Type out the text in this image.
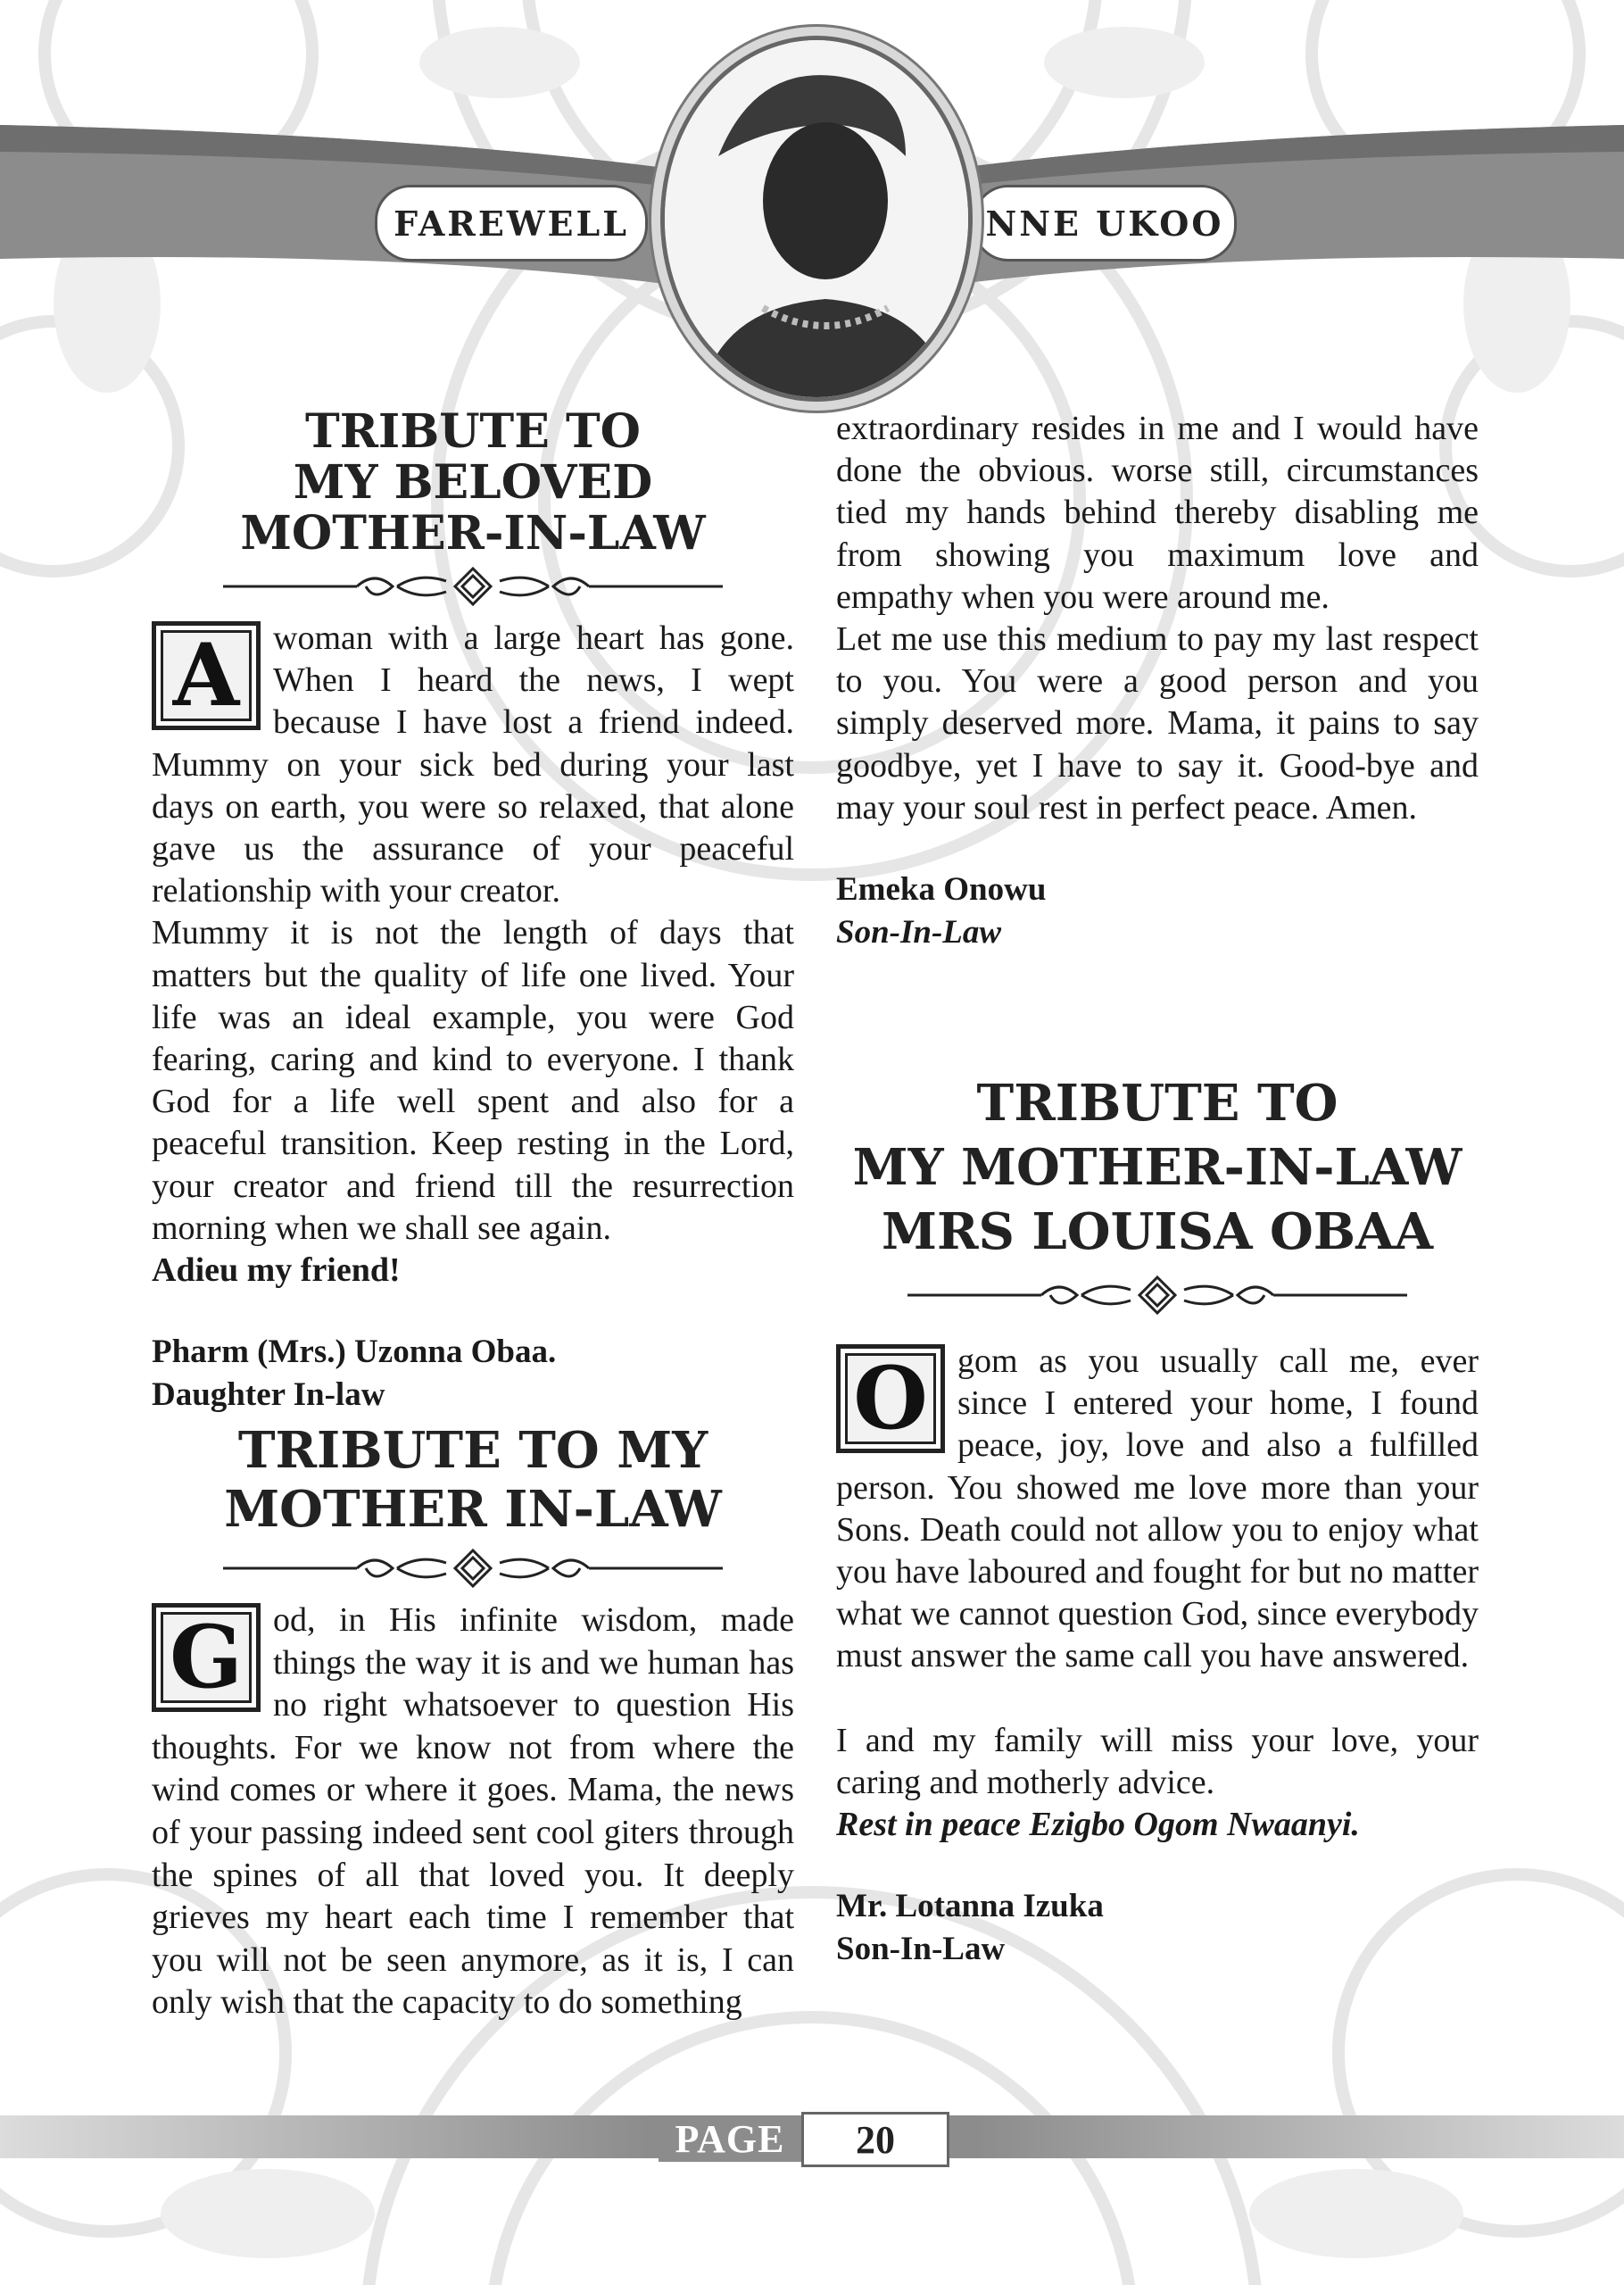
FAREWELL	NNE UKOO
TRIBUTE TO
MY BELOVED
MOTHER-IN-LAW
A woman with a large heart has gone. When I heard the news, I wept because I have lost a friend indeed. Mummy on your sick bed during your last days on earth, you were so relaxed, that alone gave us the assurance of your peaceful relationship with your creator.
Mummy it is not the length of days that matters but the quality of life one lived. Your life was an ideal example, you were God fearing, caring and kind to everyone. I thank God for a life well spent and also for a peaceful transition. Keep resting in the Lord, your creator and friend till the resurrection morning when we shall see again.
Adieu my friend!
Pharm (Mrs.) Uzonna Obaa.
Daughter In-law
TRIBUTE TO MY
MOTHER IN-LAW
G od, in His infinite wisdom, made things the way it is and we human has no right whatsoever to question His thoughts. For we know not from where the wind comes or where it goes. Mama, the news of your passing indeed sent cool giters through the spines of all that loved you. It deeply grieves my heart each time I remember that you will not be seen anymore, as it is, I can only wish that the capacity to do something
extraordinary resides in me and I would have done the obvious. worse still, circumstances tied my hands behind thereby disabling me from showing you maximum love and empathy when you were around me.
Let me use this medium to pay my last respect to you. You were a good person and you simply deserved more. Mama, it pains to say goodbye, yet I have to say it. Good-bye and may your soul rest in perfect peace. Amen.
Emeka Onowu
Son-In-Law
TRIBUTE TO
MY MOTHER-IN-LAW
MRS LOUISA OBAA
O gom as you usually call me, ever since I entered your home, I found peace, joy, love and also a fulfilled person. You showed me love more than your Sons. Death could not allow you to enjoy what you have laboured and fought for but no matter what we cannot question God, since everybody must answer the same call you have answered.
I and my family will miss your love, your caring and motherly advice.
Rest in peace Ezigbo Ogom Nwaanyi.
Mr. Lotanna Izuka
Son-In-Law
PAGE	20
